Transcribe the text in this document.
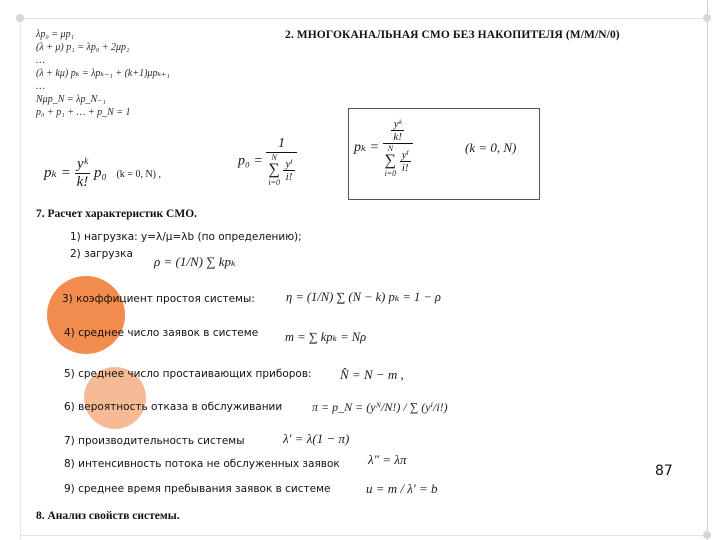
2. МНОГОКАНАЛЬНАЯ СМО БЕЗ НАКОПИТЕЛЯ (M/M/N/0)
λp₀ = μp₁
(λ + μ) p₁ = λp₀ + 2μp₂
…
(λ + kμ) pₖ = λpₖ₋₁ + (k+1)μpₖ₊₁
…
Nμp_N = λp_N₋₁
p₀ + p₁ + … + p_N = 1
$p_k = \frac{\text{yᵏ}}{k!} p_0$ (k = 0, N) ,
p₀ = 1
N
∑
i=0
$\frac{\text{yⁱ}}{i!}$	$p_k = \frac{\text{yᵏ}}{k!}$
N
∑
i=0
$\frac{\text{yⁱ}}{i!}$	(k = 0, N)
7. Расчет характеристик СМО.
1) нагрузка: y=λ/μ=λb (по определению);
2) загрузка ρ = (1/N) ∑ kpₖ
3) коэффициент простоя системы: η = (1/N) ∑ (N − k) pₖ = 1 − ρ
4) среднее число заявок в системе m = ∑ kpₖ = Nρ
5) среднее число простаивающих приборов: N̂ = N − m ,
6) вероятность отказа в обслуживании π = p_N = (yᴺ/N!) / ∑ (yⁱ/i!)
7) производительность системы	λ′ = λ(1 − π)
8) интенсивность потока не обслуженных заявок λ″ = λπ
9) среднее время пребывания заявок в системе	u = m / λ′ = b
8. Анализ свойств системы.
87
